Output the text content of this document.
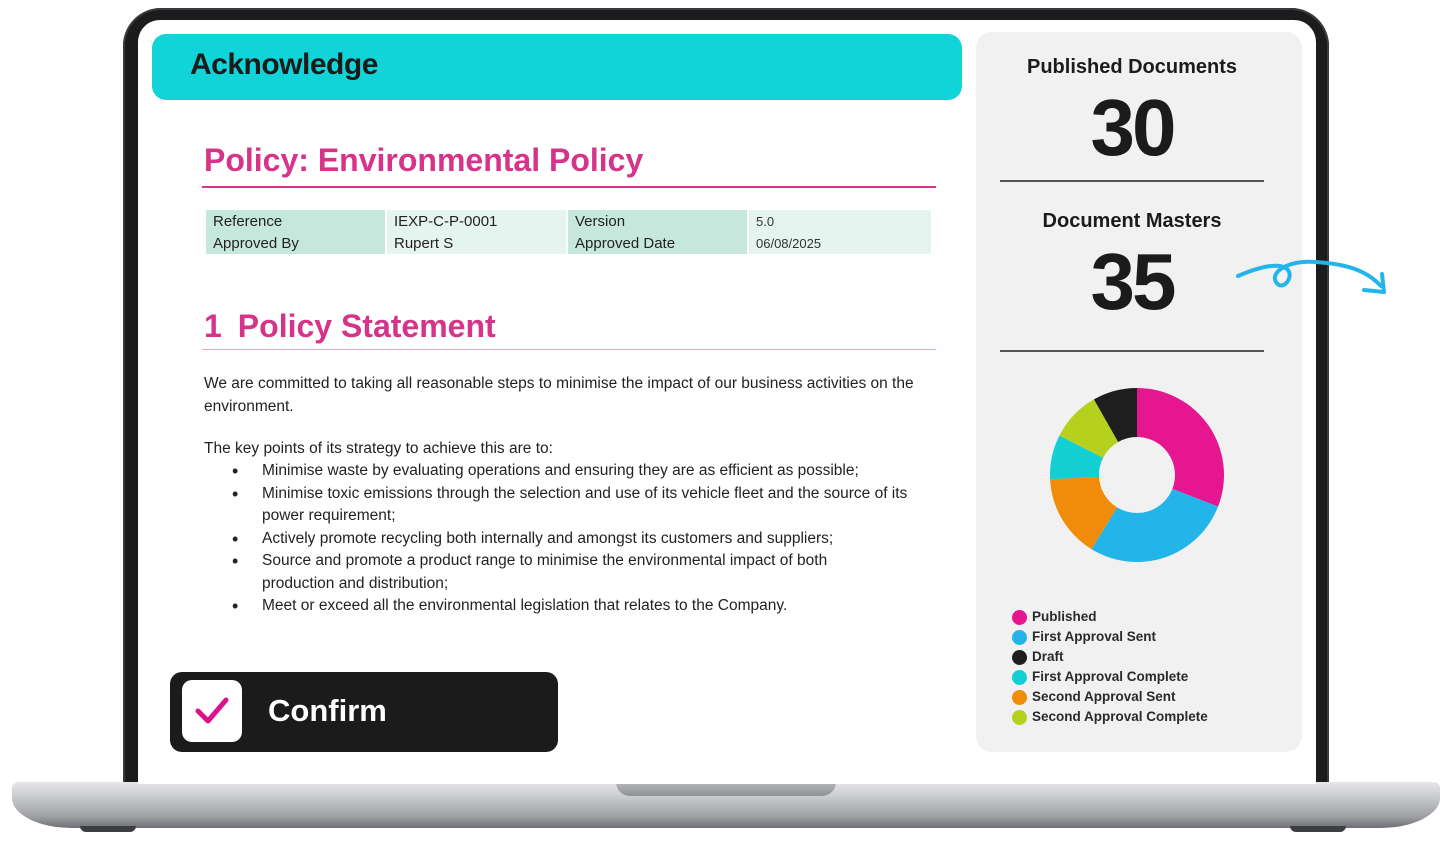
Acknowledge
Policy: Environmental Policy
Reference	IEXP-C-P-0001	Version	5.0
Approved By	Rupert S	Approved Date	06/08/2025
1 Policy Statement
We are committed to taking all reasonable steps to minimise the impact of our business activities on the environment.
The key points of its strategy to achieve this are to:
• Minimise waste by evaluating operations and ensuring they are as efficient as possible;
• Minimise toxic emissions through the selection and use of its vehicle fleet and the source of its power requirement;
• Actively promote recycling both internally and amongst its customers and suppliers;
• Source and promote a product range to minimise the environmental impact of both production and distribution;
• Meet or exceed all the environmental legislation that relates to the Company.
Confirm
Published Documents
30
Document Masters
35
Published
First Approval Sent
Draft
First Approval Complete
Second Approval Sent
Second Approval Complete
